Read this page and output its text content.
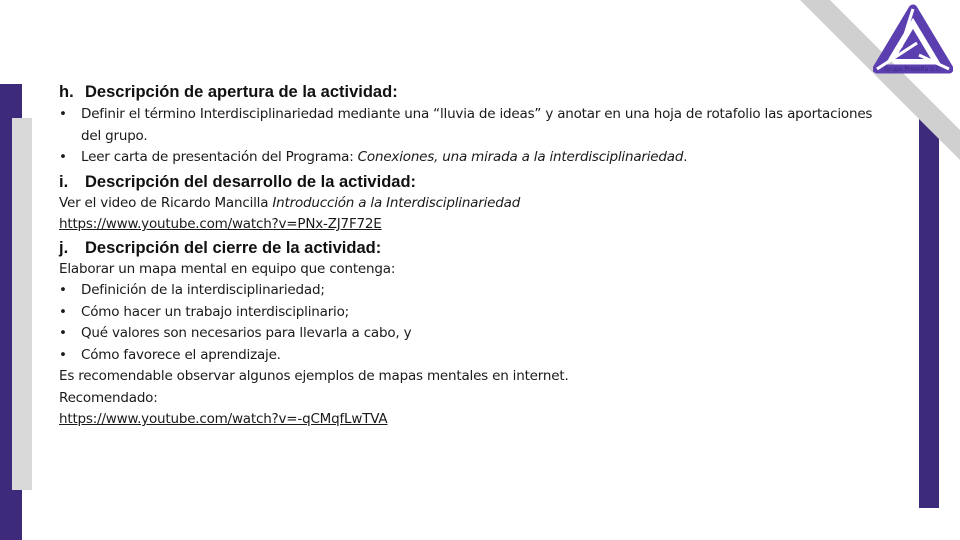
Grupo Prosofia S.C.

h. Descripción de apertura de la actividad:

•	Definir el término Interdisciplinariedad mediante una “lluvia de ideas” y anotar en una hoja de rotafolio las aportaciones del grupo.
•	Leer carta de presentación del Programa: Conexiones, una mirada a la interdisciplinariedad.

i. Descripción del desarrollo de la actividad:

Ver el video de Ricardo Mancilla Introducción a la Interdisciplinariedad
https://www.youtube.com/watch?v=PNx-ZJ7F72E

j. Descripción del cierre de la actividad:

Elaborar un mapa mental en equipo que contenga:
•	Definición de la interdisciplinariedad;
•	Cómo hacer un trabajo interdisciplinario;
•	Qué valores son necesarios para llevarla a cabo, y
•	Cómo favorece el aprendizaje.
Es recomendable observar algunos ejemplos de mapas mentales en internet.
Recomendado:
https://www.youtube.com/watch?v=-qCMqfLwTVA
